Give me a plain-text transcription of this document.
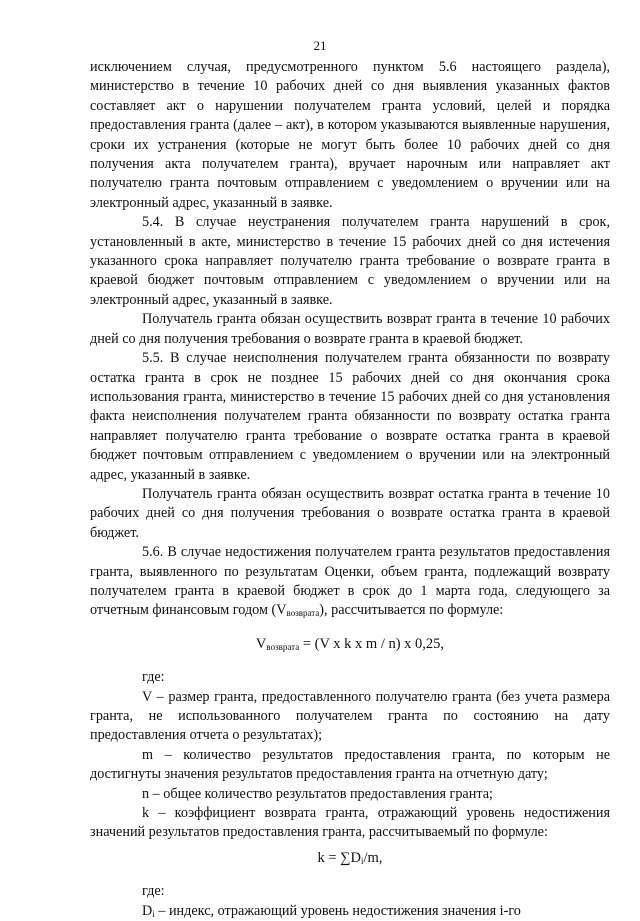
21

исключением случая, предусмотренного пунктом 5.6 настоящего раздела), министерство в течение 10 рабочих дней со дня выявления указанных фактов составляет акт о нарушении получателем гранта условий, целей и порядка предоставления гранта (далее – акт), в котором указываются выявленные нарушения, сроки их устранения (которые не могут быть более 10 рабочих дней со дня получения акта получателем гранта), вручает нарочным или направляет акт получателю гранта почтовым отправлением с уведомлением о вручении или на электронный адрес, указанный в заявке.

5.4. В случае неустранения получателем гранта нарушений в срок, установленный в акте, министерство в течение 15 рабочих дней со дня истечения указанного срока направляет получателю гранта требование о возврате гранта в краевой бюджет почтовым отправлением с уведомлением о вручении или на электронный адрес, указанный в заявке.

Получатель гранта обязан осуществить возврат гранта в течение 10 рабочих дней со дня получения требования о возврате гранта в краевой бюджет.

5.5. В случае неисполнения получателем гранта обязанности по возврату остатка гранта в срок не позднее 15 рабочих дней со дня окончания срока использования гранта, министерство в течение 15 рабочих дней со дня установления факта неисполнения получателем гранта обязанности по возврату остатка гранта направляет получателю гранта требование о возврате остатка гранта в краевой бюджет почтовым отправлением с уведомлением о вручении или на электронный адрес, указанный в заявке.

Получатель гранта обязан осуществить возврат остатка гранта в течение 10 рабочих дней со дня получения требования о возврате остатка гранта в краевой бюджет.

5.6. В случае недостижения получателем гранта результатов предоставления гранта, выявленного по результатам Оценки, объем гранта, подлежащий возврату получателем гранта в краевой бюджет в срок до 1 марта года, следующего за отчетным финансовым годом $(V_{возврата})$, рассчитывается по формуле:

$V_{возврата} = (V$ x k x m / n) x 0,25,

где:

V – размер гранта, предоставленного получателю гранта (без учета размера гранта, не использованного получателем гранта по состоянию на дату предоставления отчета о результатах);

m – количество результатов предоставления гранта, по которым не достигнуты значения результатов предоставления гранта на отчетную дату;

n – общее количество результатов предоставления гранта;

k – коэффициент возврата гранта, отражающий уровень недостижения значений результатов предоставления гранта, рассчитываемый по формуле:

$k = \sum D_i/m$,

где:

$D_i$ – индекс, отражающий уровень недостижения значения i-го
